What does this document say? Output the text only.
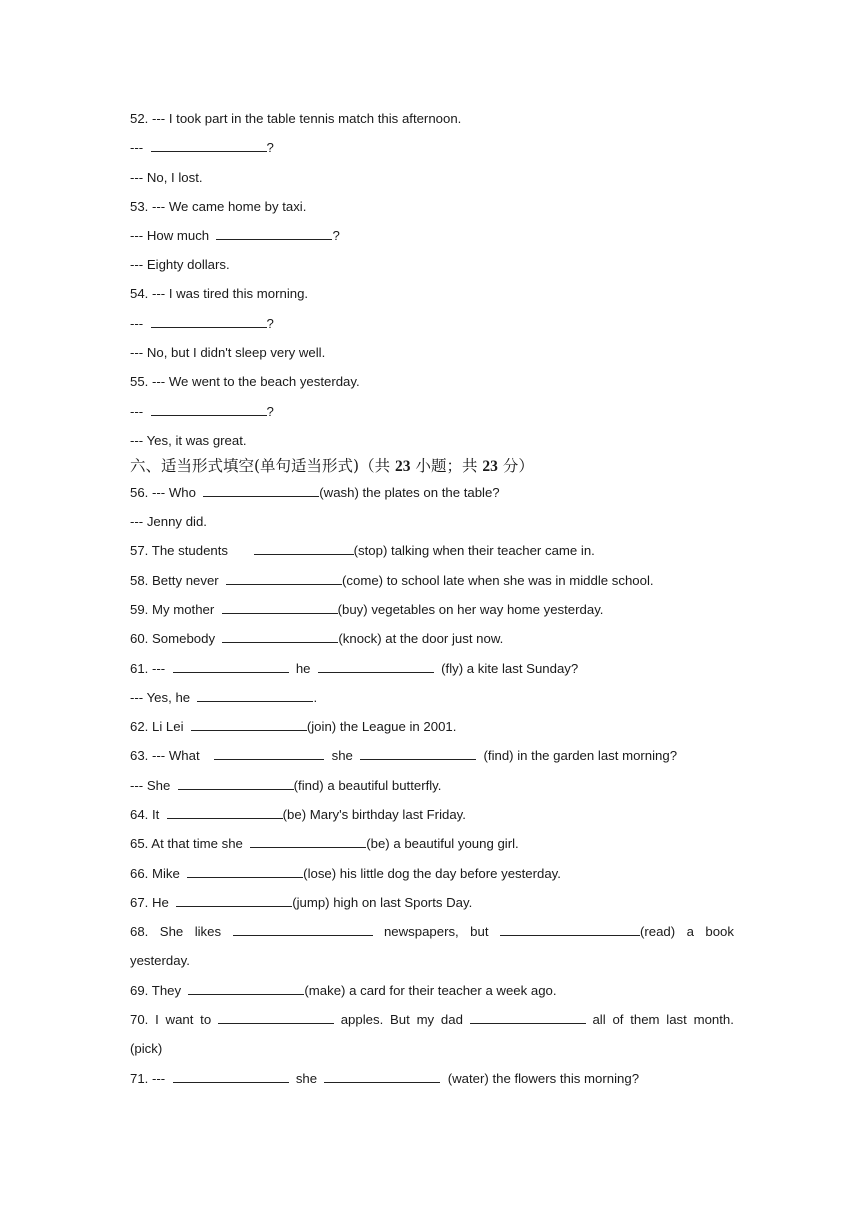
52. --- I took part in the table tennis match this afternoon.
---	?
--- No, I lost.
53. --- We came home by taxi.
--- How much	?
--- Eighty dollars.
54. --- I was tired this morning.
---	?
--- No, but I didn't sleep very well.
55. --- We went to the beach yesterday.
---	?
--- Yes, it was great.
六、适当形式填空(单句适当形式)（共 23 小题；共 23 分）
56. --- Who	(wash) the plates on the table?
--- Jenny did.
57. The students	(stop) talking when their teacher came in.
58. Betty never	(come) to school late when she was in middle school.
59. My mother	(buy) vegetables on her way home yesterday.
60. Somebody	(knock) at the door just now.
61. ---	he	(fly) a kite last Sunday?
--- Yes, he	.
62. Li Lei	(join) the League in 2001.
63. --- What	she	(find) in the garden last morning?
--- She	(find) a beautiful butterfly.
64. It	(be) Mary's birthday last Friday.
65. At that time she	(be) a beautiful young girl.
66. Mike	(lose) his little dog the day before yesterday.
67. He	(jump) high on last Sports Day.
68. She likes	newspapers, but	(read) a book
yesterday.
69. They	(make) a card for their teacher a week ago.
70. I want to	apples. But my dad	all of them last month.
(pick)
71. ---	she	(water) the flowers this morning?
